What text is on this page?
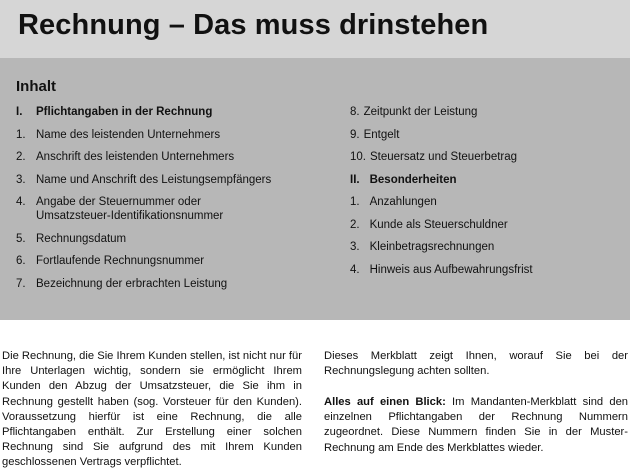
Rechnung – Das muss drinstehen
Inhalt
I. Pflichtangaben in der Rechnung
1. Name des leistenden Unternehmers
2. Anschrift des leistenden Unternehmers
3. Name und Anschrift des Leistungsempfängers
4. Angabe der Steuernummer oder Umsatzsteuer-Identifikationsnummer
5. Rechnungsdatum
6. Fortlaufende Rechnungsnummer
7. Bezeichnung der erbrachten Leistung
8. Zeitpunkt der Leistung
9. Entgelt
10. Steuersatz und Steuerbetrag
II. Besonderheiten
1. Anzahlungen
2. Kunde als Steuerschuldner
3. Kleinbetragsrechnungen
4. Hinweis aus Aufbewahrungsfrist

Die Rechnung, die Sie Ihrem Kunden stellen, ist nicht nur für Ihre Unterlagen wichtig, sondern sie ermöglicht Ihrem Kunden den Abzug der Umsatzsteuer, die Sie ihm in Rechnung gestellt haben (sog. Vorsteuer für den Kunden). Voraussetzung hierfür ist eine Rechnung, die alle Pflichtangaben enthält. Zur Erstellung einer solchen Rechnung sind Sie aufgrund des mit Ihrem Kunden geschlossenen Vertrags verpflichtet.

Dieses Merkblatt zeigt Ihnen, worauf Sie bei der Rechnungslegung achten sollten.

Alles auf einen Blick: Im Mandanten-Merkblatt sind den einzelnen Pflichtangaben der Rechnung Nummern zugeordnet. Diese Nummern finden Sie in der Muster-Rechnung am Ende des Merkblattes wieder.
